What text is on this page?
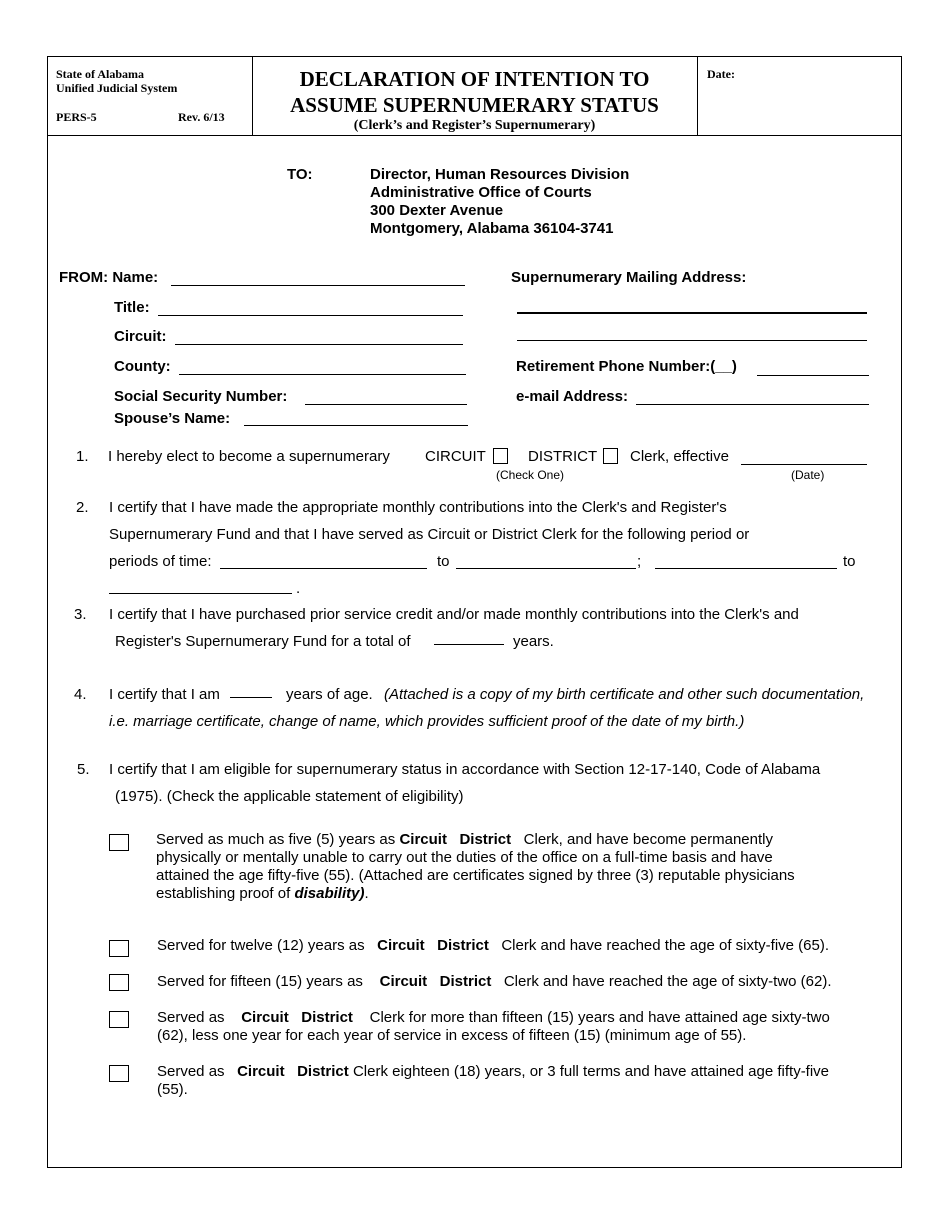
State of Alabama
Unified Judicial System
PERS-5	Rev. 6/13
DECLARATION OF INTENTION TO
ASSUME SUPERNUMERARY STATUS
(Clerk’s and Register’s Supernumerary)
Date:
TO:	Director, Human Resources Division
Administrative Office of Courts
300 Dexter Avenue
Montgomery, Alabama 36104-3741
FROM: Name:
Title:
Circuit:
County:
Social Security Number:
Spouse’s Name:
Supernumerary Mailing Address:
Retirement Phone Number:(__)
e-mail Address:
1. I hereby elect to become a supernumerary CIRCUIT	DISTRICT Clerk, effective
(Check One)	(Date)
2. I certify that I have made the appropriate monthly contributions into the Clerk's and Register's
Supernumerary Fund and that I have served as Circuit or District Clerk for the following period or
periods of time:	to	;	to
.
3. I certify that I have purchased prior service credit and/or made monthly contributions into the Clerk's and
Register's Supernumerary Fund for a total of	years.
4. I certify that I am	years of age. (Attached is a copy of my birth certificate and other such documentation,
i.e. marriage certificate, change of name, which provides sufficient proof of the date of my birth.)
5. I certify that I am eligible for supernumerary status in accordance with Section 12-17-140, Code of Alabama
(1975). (Check the applicable statement of eligibility)
Served as much as five (5) years as Circuit District Clerk, and have become permanently
physically or mentally unable to carry out the duties of the office on a full-time basis and have
attained the age fifty-five (55). (Attached are certificates signed by three (3) reputable physicians
establishing proof of disability).
Served for twelve (12) years as Circuit District Clerk and have reached the age of sixty-five (65).
Served for fifteen (15) years as Circuit District Clerk and have reached the age of sixty-two (62).
Served as Circuit District Clerk for more than fifteen (15) years and have attained age sixty-two
(62), less one year for each year of service in excess of fifteen (15) (minimum age of 55).
Served as Circuit District Clerk eighteen (18) years, or 3 full terms and have attained age fifty-five
(55).
